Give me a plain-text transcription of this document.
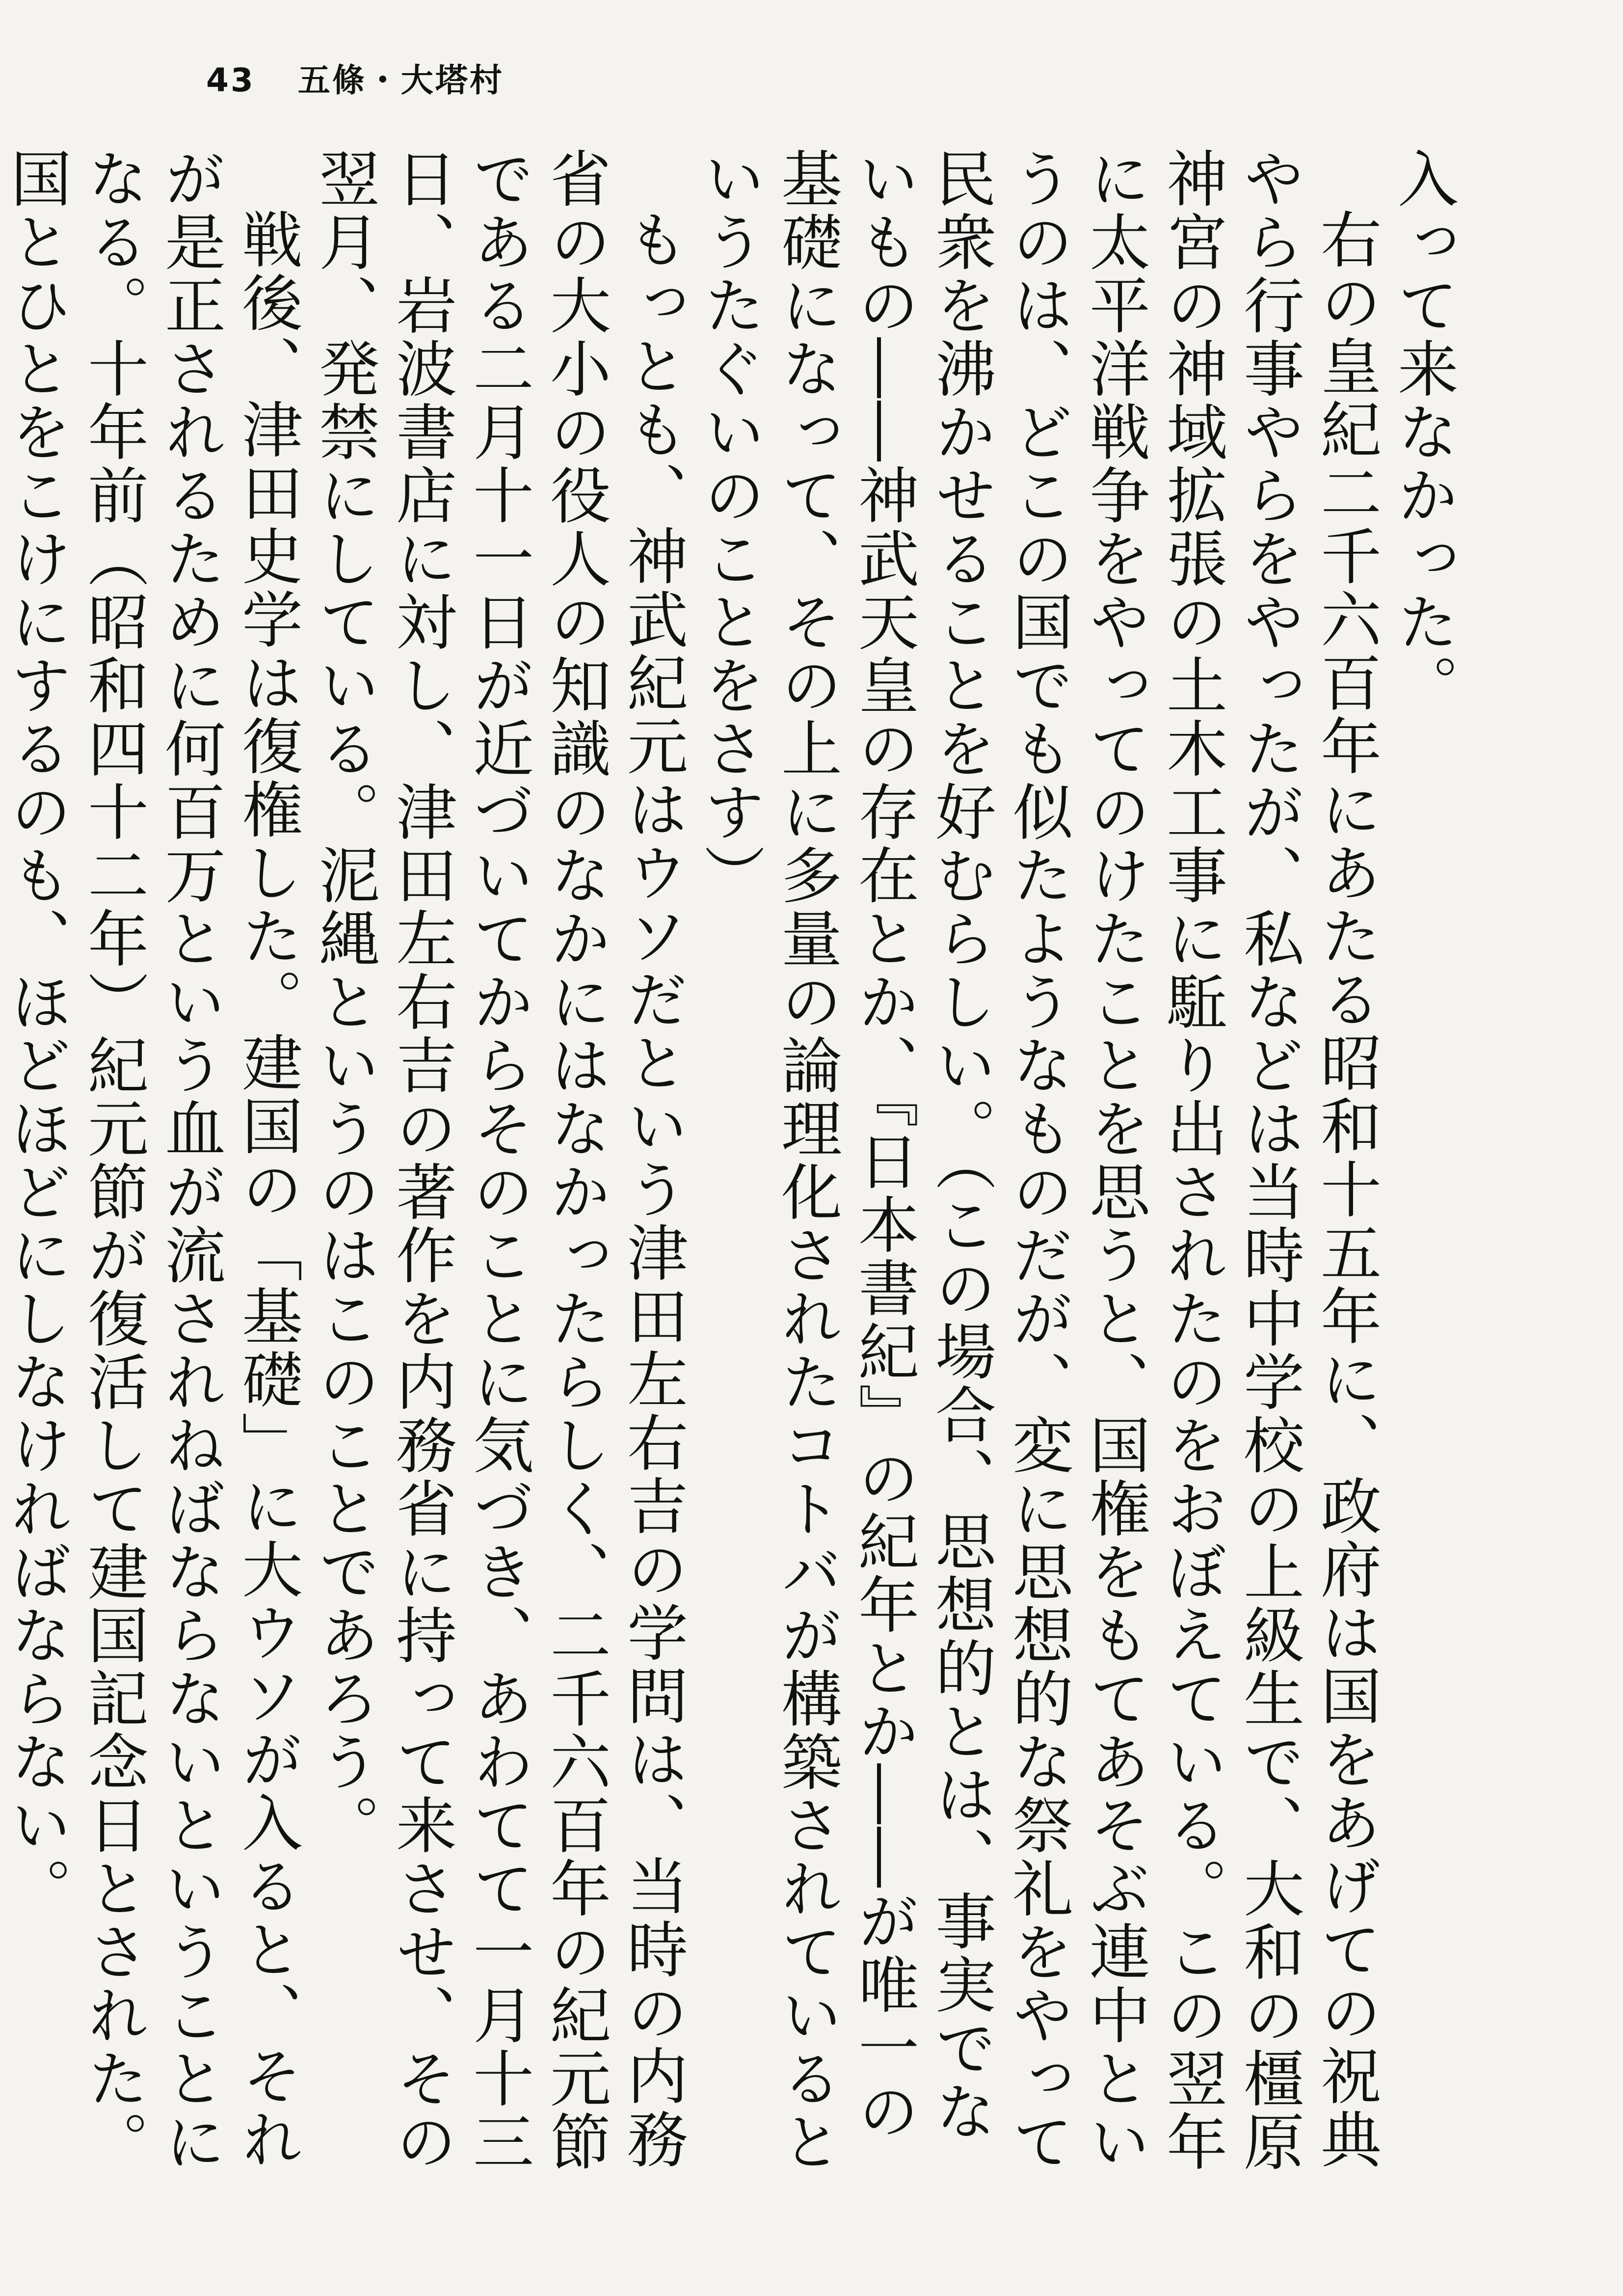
43 五條・大塔村

入って来なかった。

右の皇紀二千六百年にあたる昭和十五年に、政府は国をあげての祝典やら行事やらをやったが、私などは当時中学校の上級生で、大和の橿原神宮の神域拡張の土木工事に駈り出されたのをおぼえている。この翌年に太平洋戦争をやってのけたことを思うと、国権をもてあそぶ連中というのは、どこの国でも似たようなものだが、変に思想的な祭礼をやって民衆を沸かせることを好むらしい。（この場合、思想的とは、事実でないもの――神武天皇の存在とか、『日本書紀』の紀年とか――が唯一の基礎になって、その上に多量の論理化されたコトバが構築されているというたぐいのことをさす）

もっとも、神武紀元はウソだという津田左右吉の学問は、当時の内務省の大小の役人の知識のなかにはなかったらしく、二千六百年の紀元節である二月十一日が近づいてからそのことに気づき、あわてて一月十三日、岩波書店に対し、津田左右吉の著作を内務省に持って来させ、その翌月、発禁にしている。泥縄というのはこのことであろう。

戦後、津田史学は復権した。建国の「基礎」に大ウソが入ると、それが是正されるために何百万という血が流されねばならないということになる。十年前（昭和四十二年）紀元節が復活して建国記念日とされた。国とひとをこけにするのも、ほどほどにしなければならない。
